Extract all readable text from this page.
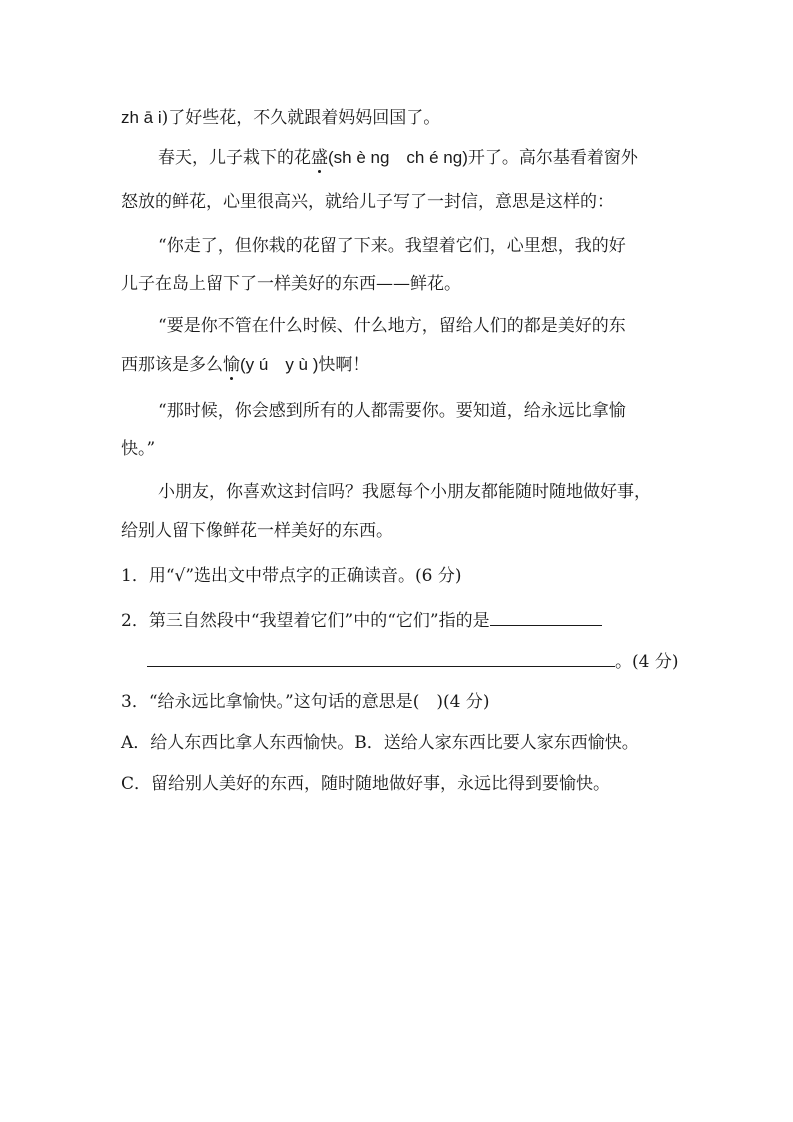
zh ā i)了好些花，不久就跟着妈妈回国了。
春天，儿子栽下的花盛(sh è ng　ch é ng)开了。高尔基看着窗外
怒放的鲜花，心里很高兴，就给儿子写了一封信，意思是这样的：
“你走了，但你栽的花留了下来。我望着它们，心里想，我的好
儿子在岛上留下了一样美好的东西——鲜花。
“要是你不管在什么时候、什么地方，留给人们的都是美好的东
西那该是多么愉(y ú　y ù )快啊！
“那时候，你会感到所有的人都需要你。要知道，给永远比拿愉
快。”
小朋友，你喜欢这封信吗？我愿每个小朋友都能随时随地做好事，
给别人留下像鲜花一样美好的东西。
1．用“√”选出文中带点字的正确读音。(6 分)
2．第三自然段中“我望着它们”中的“它们”指的是
。(4 分)
3．“给永远比拿愉快。”这句话的意思是(　)(4 分)
A．给人东西比拿人东西愉快。B．送给人家东西比要人家东西愉快。
C．留给别人美好的东西，随时随地做好事，永远比得到要愉快。
